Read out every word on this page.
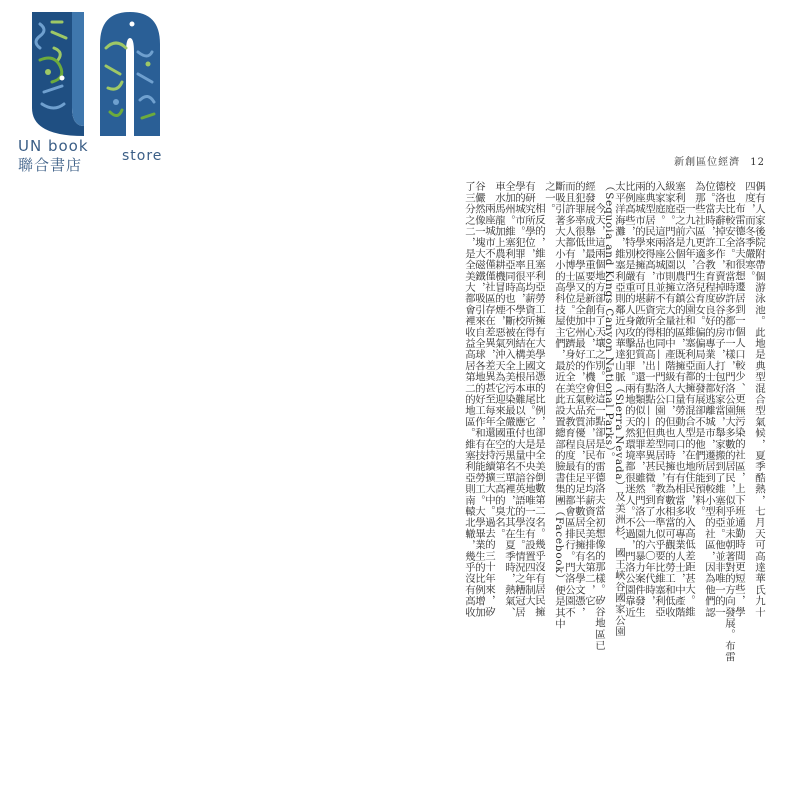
UN book
store
聯合書店	新創區位經濟 12
偶有人家後院附帶個游泳池。此地是典型混合型氣候，夏季酷熱，七月天可高達華氏九十
四度，而冬季嚴寒。
布雷德洛夫很想遷居到一個人口較少、更無污染的社區，上下班通勤時間更短些，學
校也比較安全。和當時許多都市一樣，門洛公園大多數的居民，似乎並未朝著對的方向發展。布雷
德洛夫辭掉工作，賣掉矽谷的房子，打包好家當，舉家搬到了維塞利亞。他並非唯一的一
位。當時，許多教育程度良好的專業人士都逃離城市，遷居到較小型的社區，因為他們認
為那些社區更適合生兒育女。偏偏局面的發展卻不是他們所能預料。
一九六九年，門洛公園和維塞利亞都擁有混合型的在地住民，收入高低差距甚大。維
塞利亞之前是個以農立鎮的社區，既擁有大量勞動人口，也有相當多的專業人士，中產階
級家庭。門洛公園則擁有大量的中產階級人口，但也同時擁有為數相當可觀的勞工和低收
入家庭。這兩座城市並不完全相同——門洛公園的典型居民，教育水準似乎要比維塞利亞
的典型居民來得高，且薪資所得也高出一點點——但差異甚微。到了一九六〇年代時，
兩座城市的學校擁有可堪匹敵的品質，還有類似的犯罪率，雖然門洛公園的暴力案件發生
比例高些，特別是嚴重的人身攻擊犯罪。兩地的天然環境都很迷人。不過，門洛公園靠近
太平洋海灘，維塞利亞則鄰近內華達山脈（Sierra Nevada）及美洲杉、國王峽谷國家公園
（Sequoia and Kings Canyon National Parks）。
今天，這兩個地方卻有了天壤之別。但這一點卻是布雷德洛夫當初想像的那樣。矽谷地區已
經發展成舉世最重要的新創中心，工作機會較充沛，居民的平均薪資全美排名第二，它
的犯罪率很低，學區又是全加州最好的，空氣品質優良，有足足半數居民擁有大學文憑，
而且許多人都有博士學位。使它躋身於全美五大教育程度最佳的都會區排行。門洛公園不
斷吸引著大大小小的高科技屋主們，最近在此設置總部的臉書集團（Facebook）便是其中
之一。
相反的，維塞利亞勞工擁有大學文憑的比例，卻是全美倒數第二名。幾乎沒有居民擁
有研究所學位，且平均薪資所得在美國吊車尾。它也是中央谷地唯一沒有設置四年制大
學的城市。犯罪率很高，學校在結構上根本難以應付大量不諳英語的學生。情況之糟冠居
全加州。維塞利亞同時也不斷被列入全美污染最嚴重的黑名單裡，尤其在夏季時，熱氣、
車水馬龍加上農耕機冒的煙，惡氣沖天為它迎來全國空污第三高的臭名。
兩座城市不僅僅社區存在差異，差異甚至每年還在持續擴大中。過去的三十年來，矽
谷儼然像一塊大磁鐵，吸引來自全球各地的好工作和有技能勞工。大學畢業生的比例增加
了三分之二，是全美大都會裡收益高居第二的地區。維塞利亞則南轅北轍，幾乎沒有高收
